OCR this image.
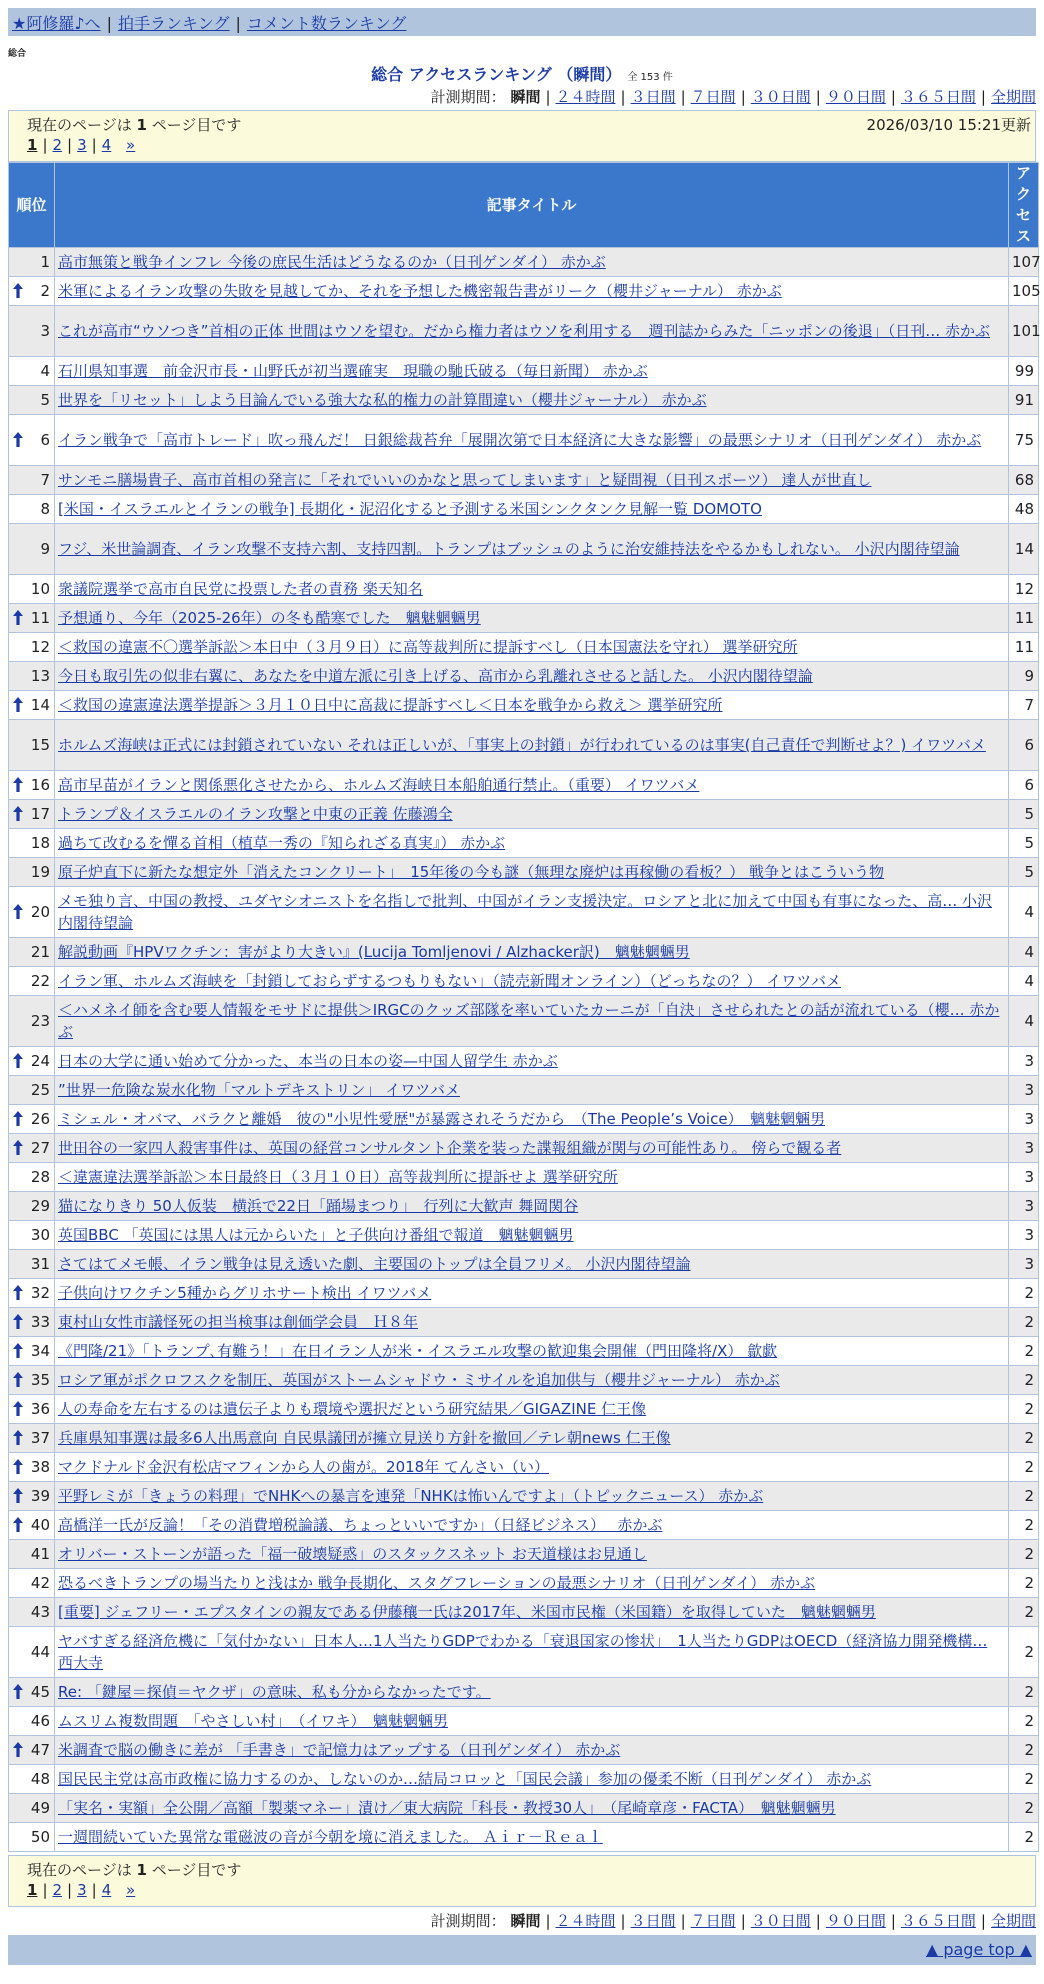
★阿修羅♪へ | 拍手ランキング | コメント数ランキング
総合
総合 アクセスランキング （瞬間） 全 153 件
計測期間： 瞬間 | ２４時間 | ３日間 | ７日間 | ３０日間 | ９０日間 | ３６５日間 | 全期間
現在のページは 1 ページ目です	2026/03/10 15:21更新
1 | 2 | 3 | 4 »
順位	記事タイトル	アクセス
1	高市無策と戦争インフレ 今後の庶民生活はどうなるのか（日刊ゲンダイ） 赤かぶ	107

2	米軍によるイラン攻撃の失敗を見越してか、それを予想した機密報告書がリーク（櫻井ジャーナル） 赤かぶ	105
3	これが高市“ウソつき”首相の正体 世間はウソを望む。だから権力者はウソを利用する　週刊誌からみた「ニッポンの後退」（日刊… 赤かぶ	101
4	石川県知事選　前金沢市長・山野氏が初当選確実　現職の馳氏破る（毎日新聞） 赤かぶ	99
5	世界を「リセット」しよう目論んでいる強大な私的権力の計算間違い（櫻井ジャーナル） 赤かぶ	91

6	イラン戦争で「高市トレード」吹っ飛んだ！ 日銀総裁苔弁「展開次第で日本経済に大きな影響」の最悪シナリオ（日刊ゲンダイ） 赤かぶ	75
7	サンモニ膳場貴子、高市首相の発言に「それでいいのかなと思ってしまいます」と疑問視（日刊スポーツ） 達人が世直し	68
8	[米国・イスラエルとイランの戦争] 長期化・泥沼化すると予測する米国シンクタンク見解一覧 DOMOTO	48
9	フジ、米世論調査、イラン攻撃不支持六割、支持四割。トランプはブッシュのように治安維持法をやるかもしれない。 小沢内閣待望論	14
10	衆議院選挙で高市自民党に投票した者の責務 楽天知名	12

11	予想通り、今年（2025-26年）の冬も酷寒でした　魑魅魍魎男	11
12	＜救国の違憲不〇選挙訴訟＞本日中（３月９日）に高等裁判所に提訴すべし（日本国憲法を守れ） 選挙研究所	11
13	今日も取引先の似非右翼に、あなたを中道左派に引き上げる、高市から乳離れさせると話した。 小沢内閣待望論	9

14	＜救国の違憲違法選挙提訴＞３月１０日中に高裁に提訴すべし＜日本を戦争から救え＞ 選挙研究所	7
15	ホルムズ海峡は正式には封鎖されていない それは正しいが、「事実上の封鎖」が行われているのは事実(自己責任で判断せよ？) イワツバメ	6

16	高市早苗がイランと関係悪化させたから、ホルムズ海峡日本船舶通行禁止。（重要） イワツバメ	6

17	トランプ＆イスラエルのイラン攻撃と中東の正義 佐藤鴻全	5
18	過ちて改むるを憚る首相（植草一秀の『知られざる真実』） 赤かぶ	5
19	原子炉直下に新たな想定外「消えたコンクリート」　15年後の今も謎（無理な廃炉は再稼働の看板？） 戦争とはこういう物	5

20	メモ独り言、中国の教授、ユダヤシオニストを名指しで批判、中国がイラン支援決定。ロシアと北に加えて中国も有事になった、高… 小沢内閣待望論	4
21	解説動画『HPVワクチン：害がより大きい』(Lucija Tomljenovi / Alzhacker訳)　魑魅魍魎男	4
22	イラン軍、ホルムズ海峡を「封鎖しておらずするつもりもない」（読売新聞オンライン）（どっちなの？） イワツバメ	4
23	＜ハメネイ師を含む要人情報をモサドに提供＞IRGCのクッズ部隊を率いていたカーニが「自決」させられたとの話が流れている（櫻… 赤かぶ	4

24	日本の大学に通い始めて分かった、本当の日本の姿—中国人留学生 赤かぶ	3
25	”世界一危険な炭水化物「マルトデキストリン」 イワツバメ	3

26	ミシェル・オバマ、バラクと離婚　彼の"小児性愛歴"が暴露されそうだから　（The People’s Voice）　魑魅魍魎男	3

27	世田谷の一家四人殺害事件は、英国の経営コンサルタント企業を装った諜報組織が関与の可能性あり。 傍らで観る者	3
28	＜違憲違法選挙訴訟＞本日最終日（３月１０日）高等裁判所に提訴せよ 選挙研究所	3
29	猫になりきり 50人仮装　横浜で22日「踊場まつり」　行列に大歓声 舞岡関谷	3
30	英国BBC 「英国には黒人は元からいた」と子供向け番組で報道　魑魅魍魎男	3
31	さてはてメモ帳、イラン戦争は見え透いた劇、主要国のトップは全員フリメ。 小沢内閣待望論	3

32	子供向けワクチン5種からグリホサート検出 イワツバメ	2

33	東村山女性市議怪死の担当検事は創価学会員　Ｈ８年	2

34	《門隆/21》「トランプ､有難う！」在日イラン人が米・イスラエル攻撃の歓迎集会開催（門田隆将/X） 歙歔	2

35	ロシア軍がポクロフスクを制圧、英国がストームシャドウ・ミサイルを追加供与（櫻井ジャーナル） 赤かぶ	2

36	人の寿命を左右するのは遺伝子よりも環境や選択だという研究結果／GIGAZINE 仁王像	2

37	兵庫県知事選は最多6人出馬意向 自民県議団が擁立見送り方針を撤回／テレ朝news 仁王像	2

38	マクドナルド金沢有松店マフィンから人の歯が。2018年 てんさい（い）	2

39	平野レミが「きょうの料理」でNHKへの暴言を連発「NHKは怖いんですよ」（トピックニュース） 赤かぶ	2

40	高橋洋一氏が反論！「その消費増税論議、ちょっといいですか」（日経ビジネス）　 赤かぶ	2
41	オリバー・ストーンが語った「福一破壊疑惑」のスタックスネット お天道様はお見通し	2
42	恐るべきトランプの場当たりと浅はか 戦争長期化、スタグフレーションの最悪シナリオ（日刊ゲンダイ） 赤かぶ	2
43	[重要] ジェフリー・エプスタインの親友である伊藤穰一氏は2017年、米国市民権（米国籍）を取得していた　魑魅魍魎男	2
44	ヤバすぎる経済危機に「気付かない」日本人…1人当たりGDPでわかる「衰退国家の惨状」　1人当たりGDPはOECD（経済協力開発機構… 西大寺	2

45	Re: 「鍵屋＝探偵＝ヤクザ」の意味、私も分からなかったです。	2
46	ムスリム複数問題　「やさしい村」　（イワキ）　魑魅魍魎男	2

47	米調査で脳の働きに差が 「手書き」で記憶力はアップする（日刊ゲンダイ） 赤かぶ	2
48	国民民主党は高市政権に協力するのか、しないのか…結局コロッと「国民会議」参加の優柔不断（日刊ゲンダイ） 赤かぶ	2
49	「実名・実額」全公開／高額「製薬マネー」漬け／東大病院「科長・教授30人」　（尾崎章彦・FACTA）　魑魅魍魎男	2
50	一週間続いていた異常な電磁波の音が今朝を境に消えました。 Ａｉｒ－Ｒｅａｌ	2
現在のページは 1 ページ目です
1 | 2 | 3 | 4 »
計測期間： 瞬間 | ２４時間 | ３日間 | ７日間 | ３０日間 | ９０日間 | ３６５日間 | 全期間
▲ page top ▲
